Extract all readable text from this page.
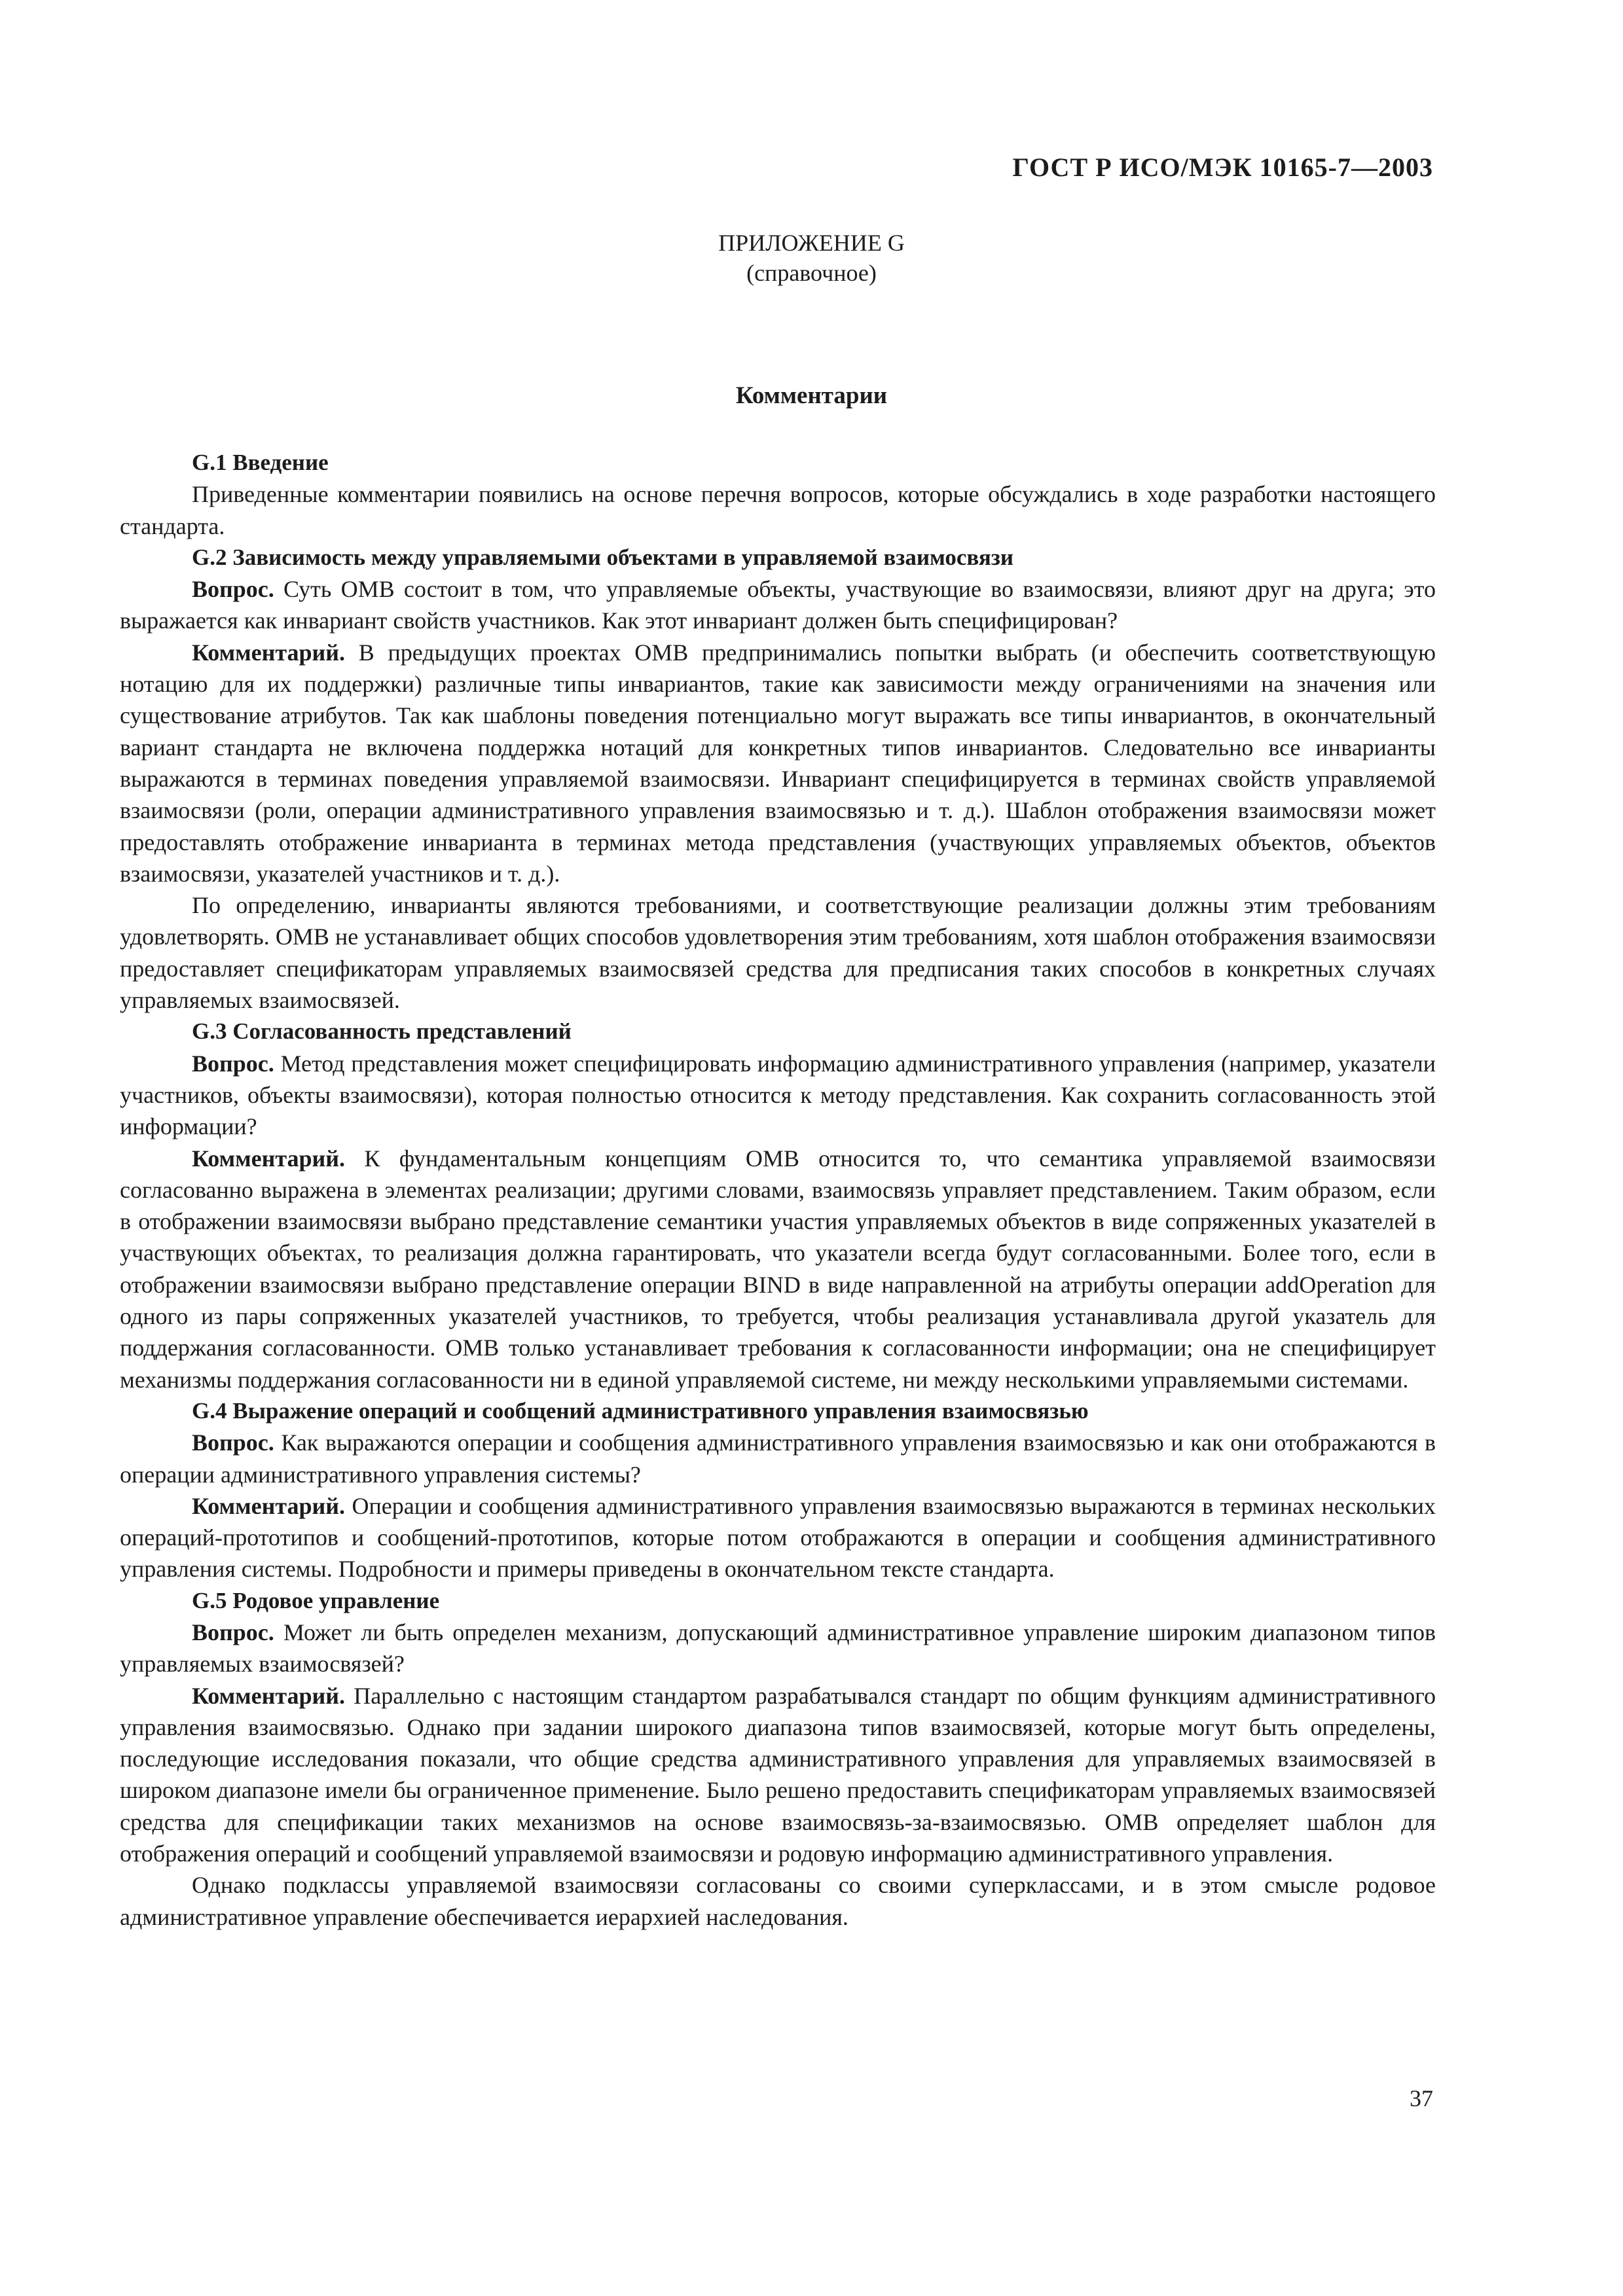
ГОСТ Р ИСО/МЭК 10165-7—2003
ПРИЛОЖЕНИЕ G
(справочное)
Комментарии
G.1 Введение

Приведенные комментарии появились на основе перечня вопросов, которые обсуждались в ходе разработки настоящего стандарта.

G.2 Зависимость между управляемыми объектами в управляемой взаимосвязи

Вопрос. Суть OMB состоит в том, что управляемые объекты, участвующие во взаимосвязи, влияют друг на друга; это выражается как инвариант свойств участников. Как этот инвариант должен быть специфицирован?

Комментарий. В предыдущих проектах OMB предпринимались попытки выбрать (и обеспечить соответствующую нотацию для их поддержки) различные типы инвариантов, такие как зависимости между ограничениями на значения или существование атрибутов. Так как шаблоны поведения потенциально могут выражать все типы инвариантов, в окончательный вариант стандарта не включена поддержка нотаций для конкретных типов инвариантов. Следовательно все инварианты выражаются в терминах поведения управляемой взаимосвязи. Инвариант специфицируется в терминах свойств управляемой взаимосвязи (роли, операции административного управления взаимосвязью и т. д.). Шаблон отображения взаимосвязи может предоставлять отображение инварианта в терминах метода представления (участвующих управляемых объектов, объектов взаимосвязи, указателей участников и т. д.).

По определению, инварианты являются требованиями, и соответствующие реализации должны этим требованиям удовлетворять. OMB не устанавливает общих способов удовлетворения этим требованиям, хотя шаблон отображения взаимосвязи предоставляет спецификаторам управляемых взаимосвязей средства для предписания таких способов в конкретных случаях управляемых взаимосвязей.

G.3 Согласованность представлений

Вопрос. Метод представления может специфицировать информацию административного управления (например, указатели участников, объекты взаимосвязи), которая полностью относится к методу представления. Как сохранить согласованность этой информации?

Комментарий. К фундаментальным концепциям OMB относится то, что семантика управляемой взаимосвязи согласованно выражена в элементах реализации; другими словами, взаимосвязь управляет представлением. Таким образом, если в отображении взаимосвязи выбрано представление семантики участия управляемых объектов в виде сопряженных указателей в участвующих объектах, то реализация должна гарантировать, что указатели всегда будут согласованными. Более того, если в отображении взаимосвязи выбрано представление операции BIND в виде направленной на атрибуты операции addOperation для одного из пары сопряженных указателей участников, то требуется, чтобы реализация устанавливала другой указатель для поддержания согласованности. OMB только устанавливает требования к согласованности информации; она не специфицирует механизмы поддержания согласованности ни в единой управляемой системе, ни между несколькими управляемыми системами.

G.4 Выражение операций и сообщений административного управления взаимосвязью

Вопрос. Как выражаются операции и сообщения административного управления взаимосвязью и как они отображаются в операции административного управления системы?

Комментарий. Операции и сообщения административного управления взаимосвязью выражаются в терминах нескольких операций-прототипов и сообщений-прототипов, которые потом отображаются в операции и сообщения административного управления системы. Подробности и примеры приведены в окончательном тексте стандарта.

G.5 Родовое управление

Вопрос. Может ли быть определен механизм, допускающий административное управление широким диапазоном типов управляемых взаимосвязей?

Комментарий. Параллельно с настоящим стандартом разрабатывался стандарт по общим функциям административного управления взаимосвязью. Однако при задании широкого диапазона типов взаимосвязей, которые могут быть определены, последующие исследования показали, что общие средства административного управления для управляемых взаимосвязей в широком диапазоне имели бы ограниченное применение. Было решено предоставить спецификаторам управляемых взаимосвязей средства для спецификации таких механизмов на основе взаимосвязь-за-взаимосвязью. OMB определяет шаблон для отображения операций и сообщений управляемой взаимосвязи и родовую информацию административного управления.

Однако подклассы управляемой взаимосвязи согласованы со своими суперклассами, и в этом смысле родовое административное управление обеспечивается иерархией наследования.

37
